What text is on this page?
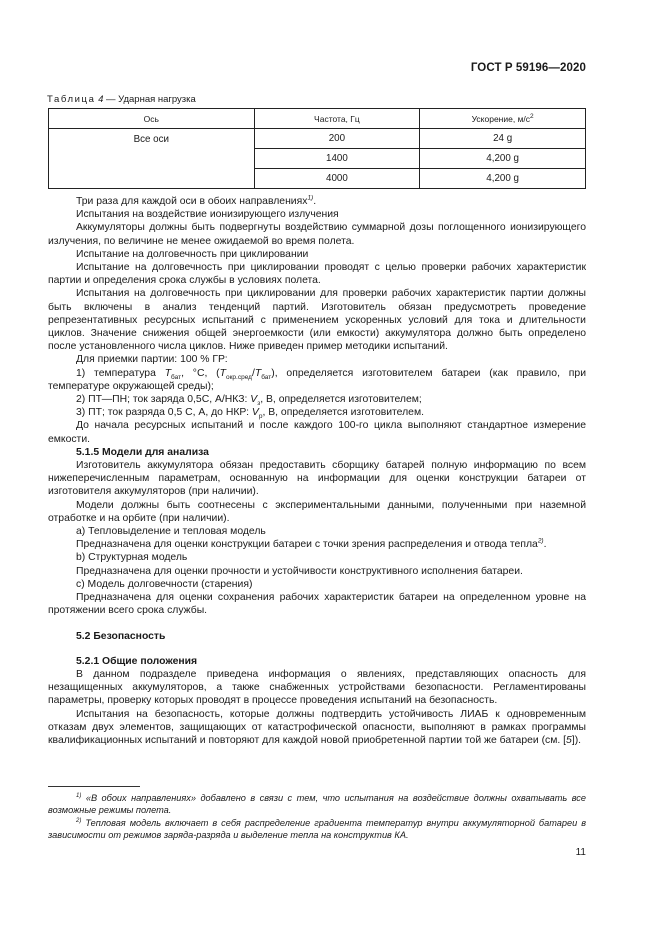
ГОСТ Р 59196—2020
Таблица 4 — Ударная нагрузка
Ось	Частота, Гц	Ускорение, $м/с^2$
Все оси	200	24 g
	1400	4,200 g
	4000	4,200 g

Три раза для каждой оси в обоих направлениях$^{1)}$.

Испытания на воздействие ионизирующего излучения

Аккумуляторы должны быть подвергнуты воздействию суммарной дозы поглощенного ионизирующего излучения, по величине не менее ожидаемой во время полета.

Испытание на долговечность при циклировании

Испытание на долговечность при циклировании проводят с целью проверки рабочих характеристик партии и определения срока службы в условиях полета.

Испытания на долговечность при циклировании для проверки рабочих характеристик партии должны быть включены в анализ тенденций партий. Изготовитель обязан предусмотреть проведение репрезентативных ресурсных испытаний с применением ускоренных условий для тока и длительности циклов. Значение снижения общей энергоемкости (или емкости) аккумулятора должно быть определено после установленного числа циклов. Ниже приведен пример методики испытаний.

Для приемки партии: 100 % ГР:

1) температура $T_{бат}$, °C, $(T_{окр.сред}/T_{бат})$, определяется изготовителем батареи (как правило, при температуре окружающей среды);

2) ПТ—ПН; ток заряда 0,5С, А/НКЗ: $V_з$, В, определяется изготовителем;

3) ПТ; ток разряда 0,5 С, А, до НКР: $V_р$, В, определяется изготовителем.

До начала ресурсных испытаний и после каждого 100-го цикла выполняют стандартное измерение емкости.

5.1.5 Модели для анализа

Изготовитель аккумулятора обязан предоставить сборщику батарей полную информацию по всем нижеперечисленным параметрам, основанную на информации для оценки конструкции батареи от изготовителя аккумуляторов (при наличии).

Модели должны быть соотнесены с экспериментальными данными, полученными при наземной отработке и на орбите (при наличии).

a) Тепловыделение и тепловая модель

Предназначена для оценки конструкции батареи с точки зрения распределения и отвода тепла$^{2)}$.

b) Структурная модель

Предназначена для оценки прочности и устойчивости конструктивного исполнения батареи.

c) Модель долговечности (старения)

Предназначена для оценки сохранения рабочих характеристик батареи на определенном уровне на протяжении всего срока службы.

5.2 Безопасность

5.2.1 Общие положения

В данном подразделе приведена информация о явлениях, представляющих опасность для незащищенных аккумуляторов, а также снабженных устройствами безопасности. Регламентированы параметры, проверку которых проводят в процессе проведения испытаний на безопасность.

Испытания на безопасность, которые должны подтвердить устойчивость ЛИАБ к одновременным отказам двух элементов, защищающих от катастрофической опасности, выполняют в рамках программы квалификационных испытаний и повторяют для каждой новой приобретенной партии той же батареи (см. [5]).

$^{1)}$ «В обоих направлениях» добавлено в связи с тем, что испытания на воздействие должны охватывать все возможные режимы полета.
$^{2)}$ Тепловая модель включает в себя распределение градиента температур внутри аккумуляторной батареи в зависимости от режимов заряда-разряда и выделение тепла на конструктив КА.
11
